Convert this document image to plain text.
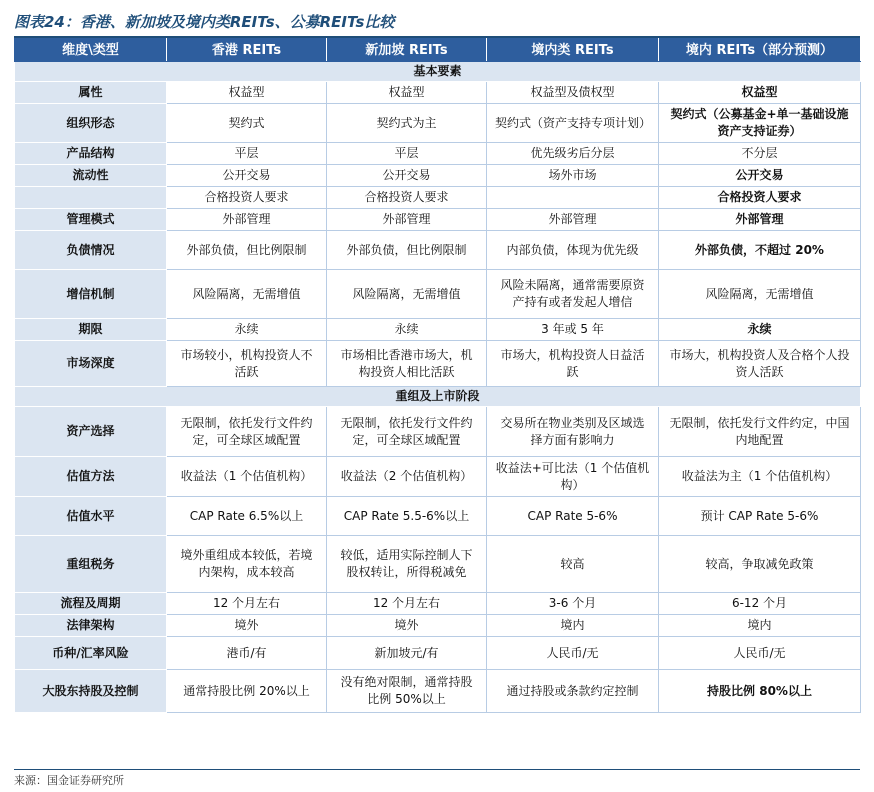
图表24：香港、新加坡及境内类REITs、公募REITs比较
维度\类型	香港 REITs	新加坡 REITs	境内类 REITs	境内 REITs（部分预测）
基本要素				
属性	权益型	权益型	权益型及债权型	权益型
组织形态	契约式	契约式为主	契约式（资产支持专项计划）	契约式（公募基金+单一基础设施资产支持证券）
产品结构	平层	平层	优先级劣后分层	不分层
流动性	公开交易	公开交易	场外市场	公开交易
	合格投资人要求	合格投资人要求		合格投资人要求
管理模式	外部管理	外部管理	外部管理	外部管理
负债情况	外部负债，但比例限制	外部负债，但比例限制	内部负债，体现为优先级	外部负债，不超过 20%
增信机制	风险隔离，无需增值	风险隔离，无需增值	风险未隔离，通常需要原资产持有或者发起人增信	风险隔离，无需增值
期限	永续	永续	3 年或 5 年	永续
市场深度	市场较小，机构投资人不活跃	市场相比香港市场大，机构投资人相比活跃	市场大，机构投资人日益活跃	市场大，机构投资人及合格个人投资人活跃
重组及上市阶段				
资产选择	无限制，依托发行文件约定，可全球区域配置	无限制，依托发行文件约定，可全球区域配置	交易所在物业类别及区域选择方面有影响力	无限制，依托发行文件约定，中国内地配置
估值方法	收益法（1 个估值机构）	收益法（2 个估值机构）	收益法+可比法（1 个估值机构）	收益法为主（1 个估值机构）
估值水平	CAP Rate 6.5%以上	CAP Rate 5.5-6%以上	CAP Rate 5-6%	预计 CAP Rate 5-6%
重组税务	境外重组成本较低，若境内架构，成本较高	较低，适用实际控制人下股权转让，所得税减免	较高	较高，争取减免政策
流程及周期	12 个月左右	12 个月左右	3-6 个月	6-12 个月
法律架构	境外	境外	境内	境内
币种/汇率风险	港币/有	新加坡元/有	人民币/无	人民币/无
大股东持股及控制	通常持股比例 20%以上	没有绝对限制，通常持股比例 50%以上	通过持股或条款约定控制	持股比例 80%以上
来源：国金证券研究所
